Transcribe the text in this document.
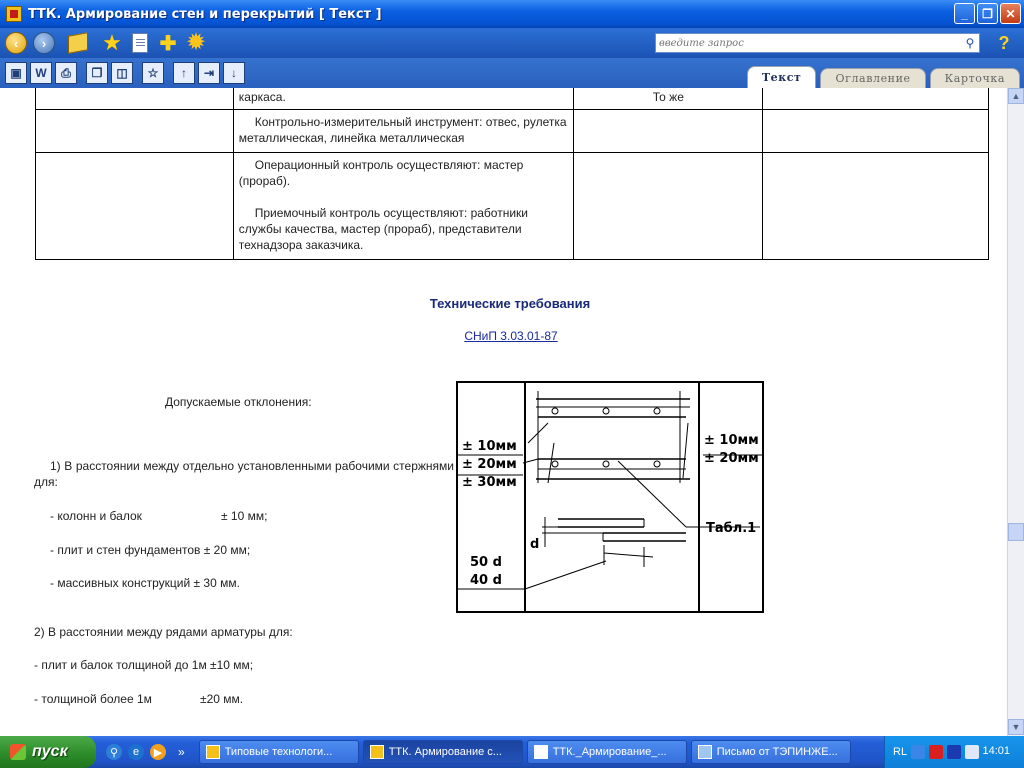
ТТК. Армирование стен и перекрытий [ Текст ]	_	❐	✕
‹	›	★ ✚ ✹
введите запрос	⚲	?
▣	W	⎙	❐	◫	☆	↑	⇥	↓	Текст	Оглавление	Карточка
	каркаса.	То же	
	Контрольно-измерительный инструмент: отвес, рулетка металлическая, линейка металлическая		

	Операционный контроль осуществляют: мастер (прораб).
Приемочный контроль осуществляют: работники службы качества, мастер (прораб), представители технадзора заказчика.		

Технические требования
СНиП 3.03.01-87
Допускаемые отклонения:
1) В расстоянии между отдельно установленными рабочими стержнями для:
- колонн и балок	± 10 мм;
- плит и стен фундаментов ± 20 мм;
- массивных конструкций ± 30 мм.
2) В расстоянии между рядами арматуры для:
- плит и балок толщиной до 1м ±10 мм;
- толщиной более 1м	±20 мм.
± 10мм
± 20мм
± 30мм
± 10мм
± 20мм
Табл.1
d
50 d
40 d
▲
▼
пуск	⚲	e	▶	»	Типовые технологи...	ТТК. Армирование с...	ТТК._Армирование_...	Письмо от ТЭПИНЖЕ...	RL	14:01
